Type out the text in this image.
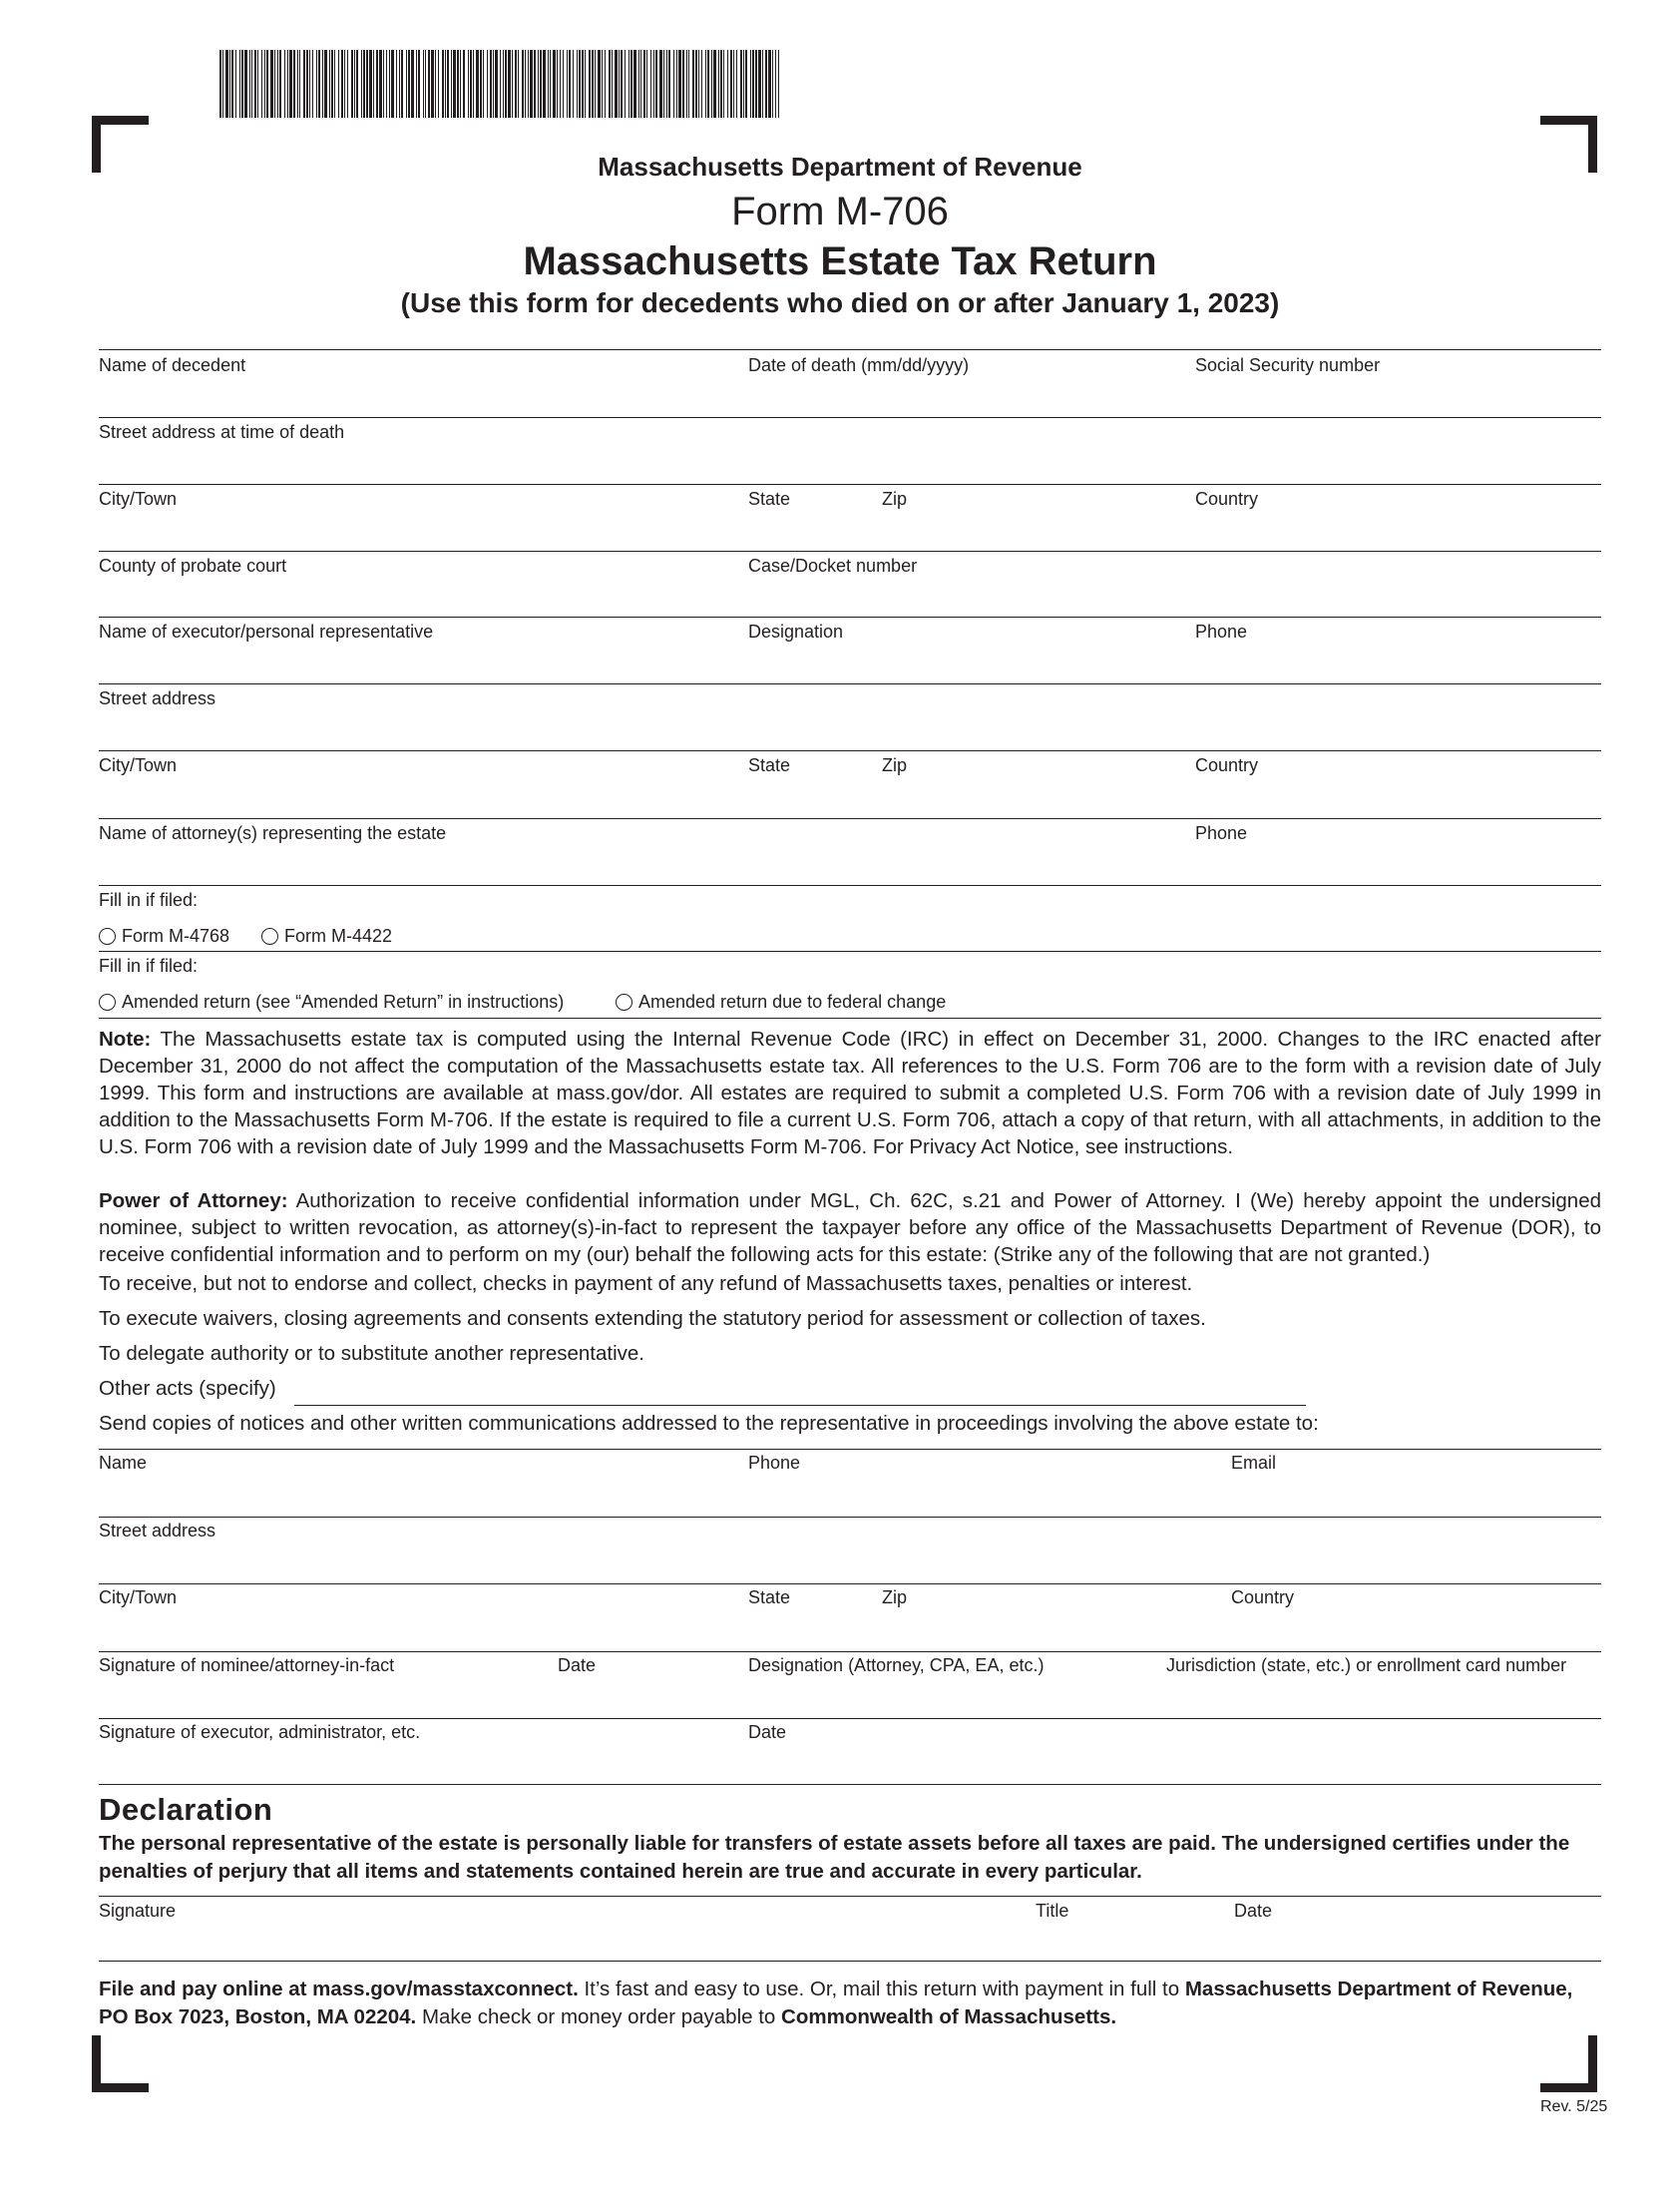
Massachusetts Department of Revenue
Form M-706
Massachusetts Estate Tax Return
(Use this form for decedents who died on or after January 1, 2023)
Name of decedent	Date of death (mm/dd/yyyy)	Social Security number
Street address at time of death
City/Town	State	Zip	Country
County of probate court	Case/Docket number
Name of executor/personal representative	Designation	Phone
Street address
City/Town	State	Zip	Country
Name of attorney(s) representing the estate	Phone
Fill in if filed:
Form M-4768	Form M-4422
Fill in if filed:
Amended return (see “Amended Return” in instructions)	Amended return due to federal change
Note: The Massachusetts estate tax is computed using the Internal Revenue Code (IRC) in effect on December 31, 2000. Changes to the IRC enacted after December 31, 2000 do not affect the computation of the Massachusetts estate tax. All references to the U.S. Form 706 are to the form with a revision date of July 1999. This form and instructions are available at mass.gov/dor. All estates are required to submit a completed U.S. Form 706 with a revision date of July 1999 in addition to the Massachusetts Form M-706. If the estate is required to file a current U.S. Form 706, attach a copy of that return, with all attachments, in addition to the U.S. Form 706 with a revision date of July 1999 and the Massachusetts Form M-706. For Privacy Act Notice, see instructions.
Power of Attorney: Authorization to receive confidential information under MGL, Ch. 62C, s.21 and Power of Attorney. I (We) hereby appoint the undersigned nominee, subject to written revocation, as attorney(s)-in-fact to represent the taxpayer before any office of the Massachusetts Department of Revenue (DOR), to receive confidential information and to perform on my (our) behalf the following acts for this estate: (Strike any of the following that are not granted.)
To receive, but not to endorse and collect, checks in payment of any refund of Massachusetts taxes, penalties or interest.
To execute waivers, closing agreements and consents extending the statutory period for assessment or collection of taxes.
To delegate authority or to substitute another representative.
Other acts (specify)
Send copies of notices and other written communications addressed to the representative in proceedings involving the above estate to:
Name	Phone	Email
Street address
City/Town	State	Zip	Country
Signature of nominee/attorney-in-fact	Date	Designation (Attorney, CPA, EA, etc.)	Jurisdiction (state, etc.) or enrollment card number
Signature of executor, administrator, etc.	Date
Declaration
The personal representative of the estate is personally liable for transfers of estate assets before all taxes are paid. The undersigned certifies under the penalties of perjury that all items and statements contained herein are true and accurate in every particular.
Signature	Title	Date
File and pay online at mass.gov/masstaxconnect. It’s fast and easy to use. Or, mail this return with payment in full to Massachusetts Department of Revenue, PO Box 7023, Boston, MA 02204. Make check or money order payable to Commonwealth of Massachusetts.
Rev. 5/25
